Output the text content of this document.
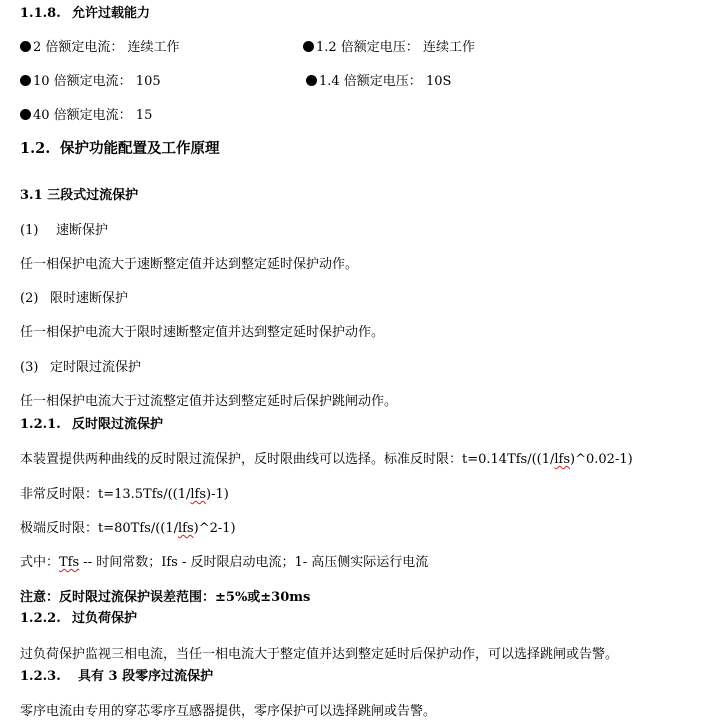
1.1.8. 允许过载能力
2 倍额定电流： 连续工作	1.2 倍额定电压： 连续工作
10 倍额定电流： 105	1.4 倍额定电压： 10S
40 倍额定电流： 15
1.2. 保护功能配置及工作原理
3.1 三段式过流保护
(1) 速断保护
任一相保护电流大于速断整定值并达到整定延时保护动作。
(2) 限时速断保护
任一相保护电流大于限时速断整定值并达到整定延时保护动作。
(3) 定时限过流保护
任一相保护电流大于过流整定值并达到整定延时后保护跳闸动作。
1.2.1. 反时限过流保护
本装置提供两种曲线的反时限过流保护，反时限曲线可以选择。标准反时限：t=0.14Tfs/((1/lfs)^0.02-1)
非常反时限：t=13.5Tfs/((1/lfs)-1)
极端反时限：t=80Tfs/((1/lfs)^2-1)
式中：Tfs -- 时间常数；Ifs - 反时限启动电流；1- 高压侧实际运行电流
注意：反时限过流保护误差范围：±5%或±30ms
1.2.2. 过负荷保护
过负荷保护监视三相电流，当任一相电流大于整定值并达到整定延时后保护动作，可以选择跳闸或告警。
1.2.3. 具有 3 段零序过流保护
零序电流由专用的穿芯零序互感器提供，零序保护可以选择跳闸或告警。
